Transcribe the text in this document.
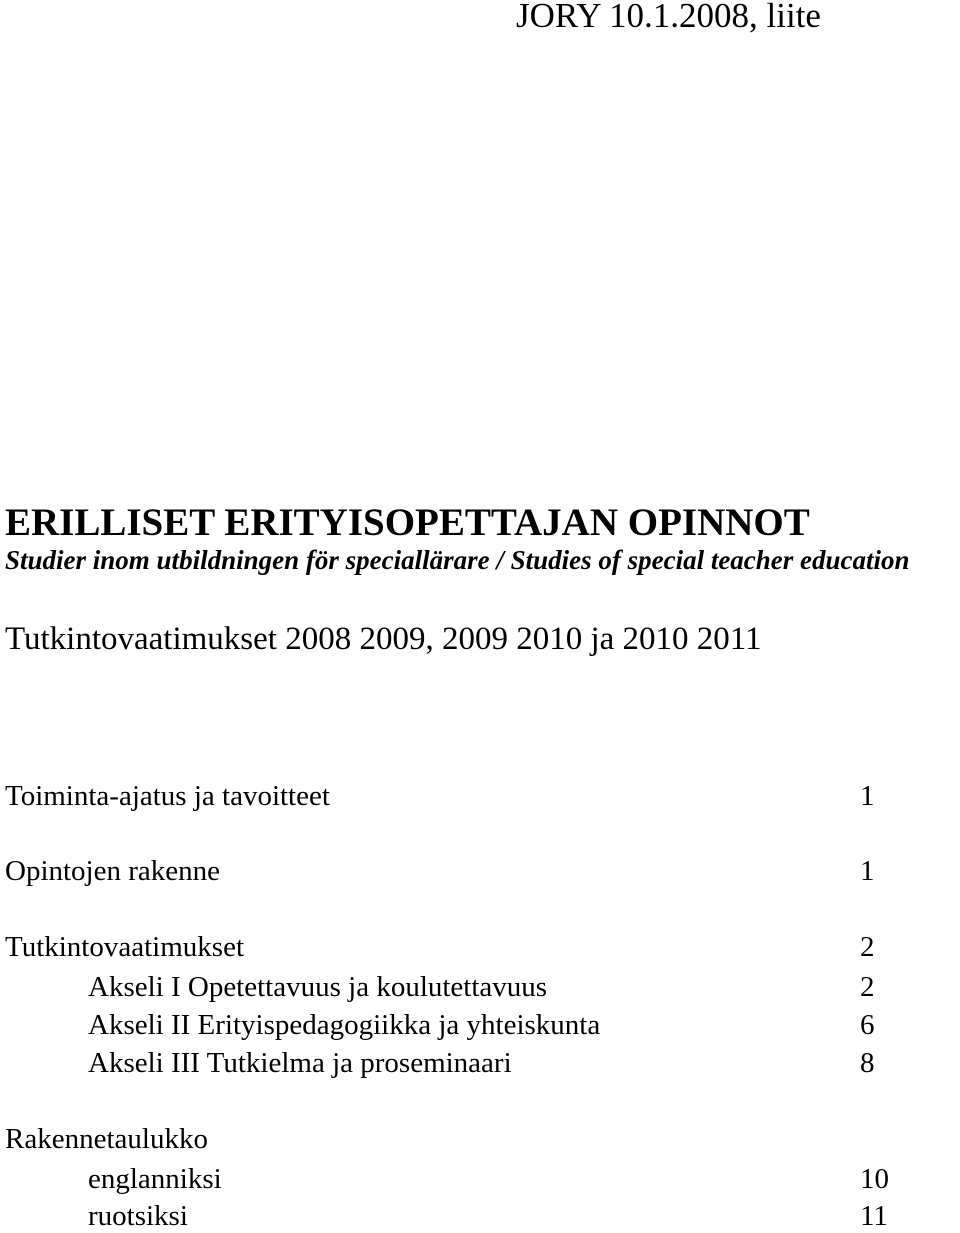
JORY 10.1.2008, liite
ERILLISET ERITYISOPETTAJAN OPINNOT
Studier inom utbildningen för speciallärare / Studies of special teacher education
Tutkintovaatimukset 2008 2009, 2009 2010 ja 2010 2011
Toiminta-ajatus ja tavoitteet	1
Opintojen rakenne	1
Tutkintovaatimukset	2
Akseli I Opetettavuus ja koulutettavuus	2
Akseli II Erityispedagogiikka ja yhteiskunta	6
Akseli III Tutkielma ja proseminaari	8
Rakennetaulukko
englanniksi	10
ruotsiksi	11
